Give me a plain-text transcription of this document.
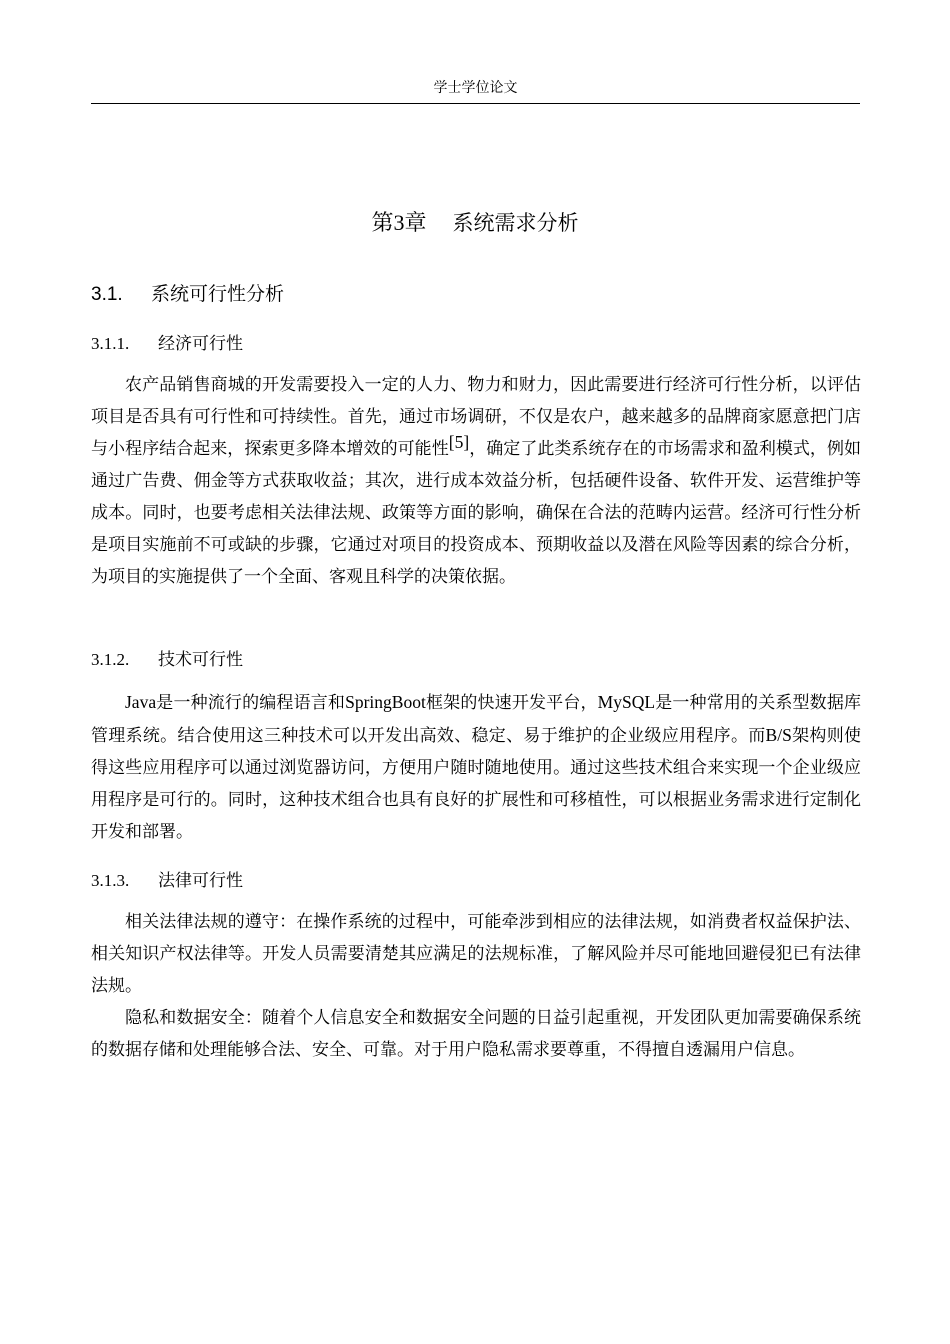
学士学位论文
第3章 系统需求分析
3.1. 系统可行性分析
3.1.1. 经济可行性

农产品销售商城的开发需要投入一定的人力、物力和财力，因此需要进行经济可行性分析，以评估项目是否具有可行性和可持续性。首先，通过市场调研，不仅是农户，越来越多的品牌商家愿意把门店与小程序结合起来，探索更多降本增效的可能性[5]，确定了此类系统存在的市场需求和盈利模式，例如通过广告费、佣金等方式获取收益；其次，进行成本效益分析，包括硬件设备、软件开发、运营维护等成本。同时，也要考虑相关法律法规、政策等方面的影响，确保在合法的范畴内运营。经济可行性分析是项目实施前不可或缺的步骤，它通过对项目的投资成本、预期收益以及潜在风险等因素的综合分析，为项目的实施提供了一个全面、客观且科学的决策依据。

3.1.2. 技术可行性

Java是一种流行的编程语言和SpringBoot框架的快速开发平台，MySQL是一种常用的关系型数据库管理系统。结合使用这三种技术可以开发出高效、稳定、易于维护的企业级应用程序。而B/S架构则使得这些应用程序可以通过浏览器访问，方便用户随时随地使用。通过这些技术组合来实现一个企业级应用程序是可行的。同时，这种技术组合也具有良好的扩展性和可移植性，可以根据业务需求进行定制化开发和部署。

3.1.3. 法律可行性

相关法律法规的遵守：在操作系统的过程中，可能牵涉到相应的法律法规，如消费者权益保护法、相关知识产权法律等。开发人员需要清楚其应满足的法规标准，了解风险并尽可能地回避侵犯已有法律法规。

隐私和数据安全：随着个人信息安全和数据安全问题的日益引起重视，开发团队更加需要确保系统的数据存储和处理能够合法、安全、可靠。对于用户隐私需求要尊重，不得擅自透漏用户信息。
